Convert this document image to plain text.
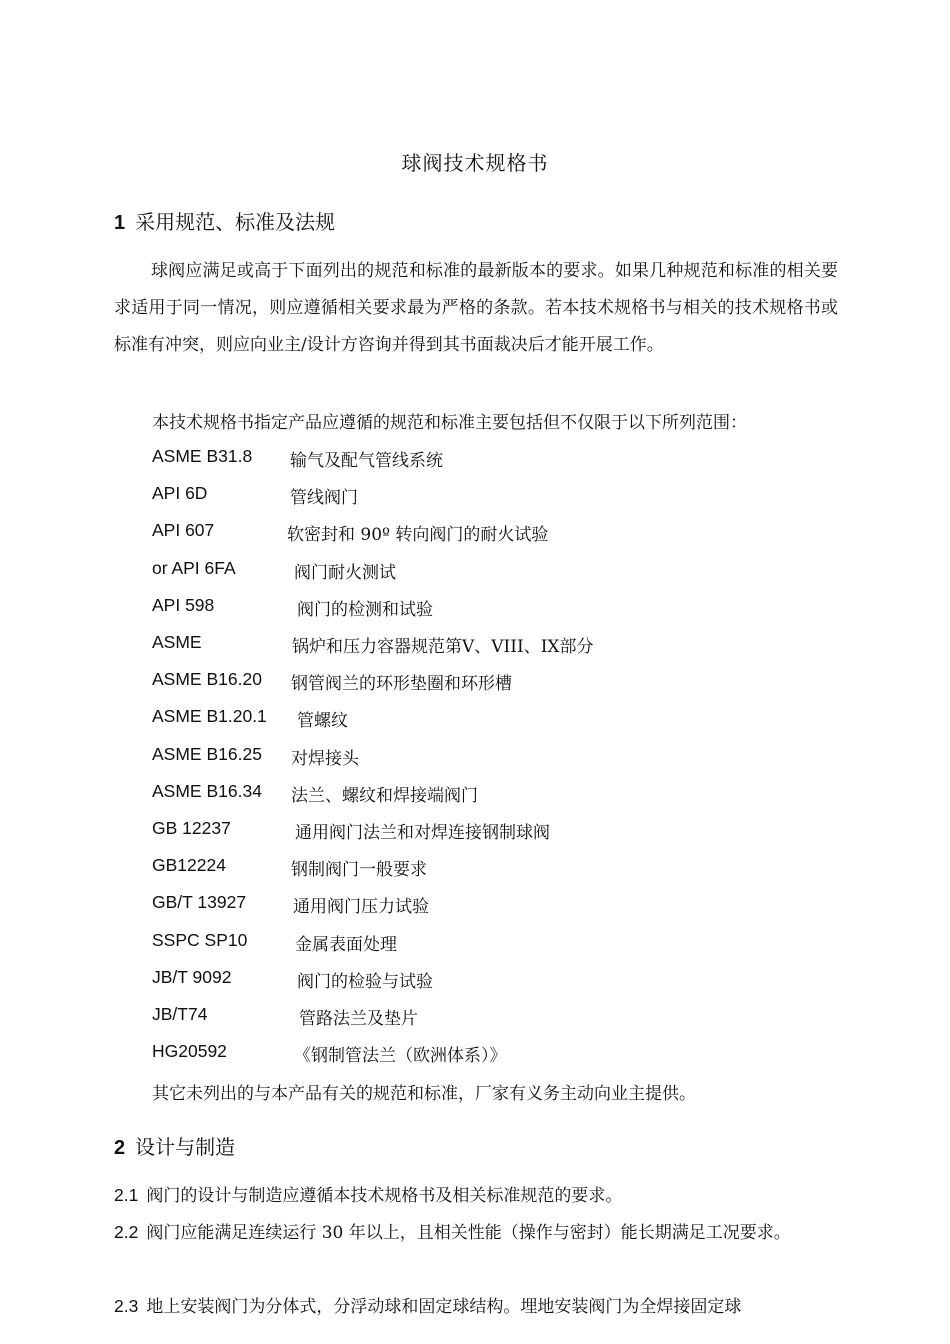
球阀技术规格书
1 采用规范、标准及法规
球阀应满足或高于下面列出的规范和标准的最新版本的要求。如果几种规范和标准的相关要求适用于同一情况，则应遵循相关要求最为严格的条款。若本技术规格书与相关的技术规格书或标准有冲突，则应向业主/设计方咨询并得到其书面裁决后才能开展工作。
本技术规格书指定产品应遵循的规范和标准主要包括但不仅限于以下所列范围：
ASME B31.8 输气及配气管线系统
API 6D	管线阀门
API 607	软密封和 90º 转向阀门的耐火试验
or API 6FA	阀门耐火测试
API 598	阀门的检测和试验
ASME	锅炉和压力容器规范第V、VIII、IX部分
ASME B16.20 钢管阀兰的环形垫圈和环形槽
ASME B1.20.1 管螺纹
ASME B16.25 对焊接头
ASME B16.34 法兰、螺纹和焊接端阀门
GB 12237	通用阀门法兰和对焊连接钢制球阀
GB12224	钢制阀门一般要求
GB/T 13927	通用阀门压力试验
SSPC SP10	金属表面处理
JB/T 9092	阀门的检验与试验
JB/T74	管路法兰及垫片
HG20592	《钢制管法兰（欧洲体系）》
其它未列出的与本产品有关的规范和标准，厂家有义务主动向业主提供。
2 设计与制造
2.1 阀门的设计与制造应遵循本技术规格书及相关标准规范的要求。
2.2 阀门应能满足连续运行 30 年以上，且相关性能（操作与密封）能长期满足工况要求。
2.3 地上安装阀门为分体式，分浮动球和固定球结构。埋地安装阀门为全焊接固定球
